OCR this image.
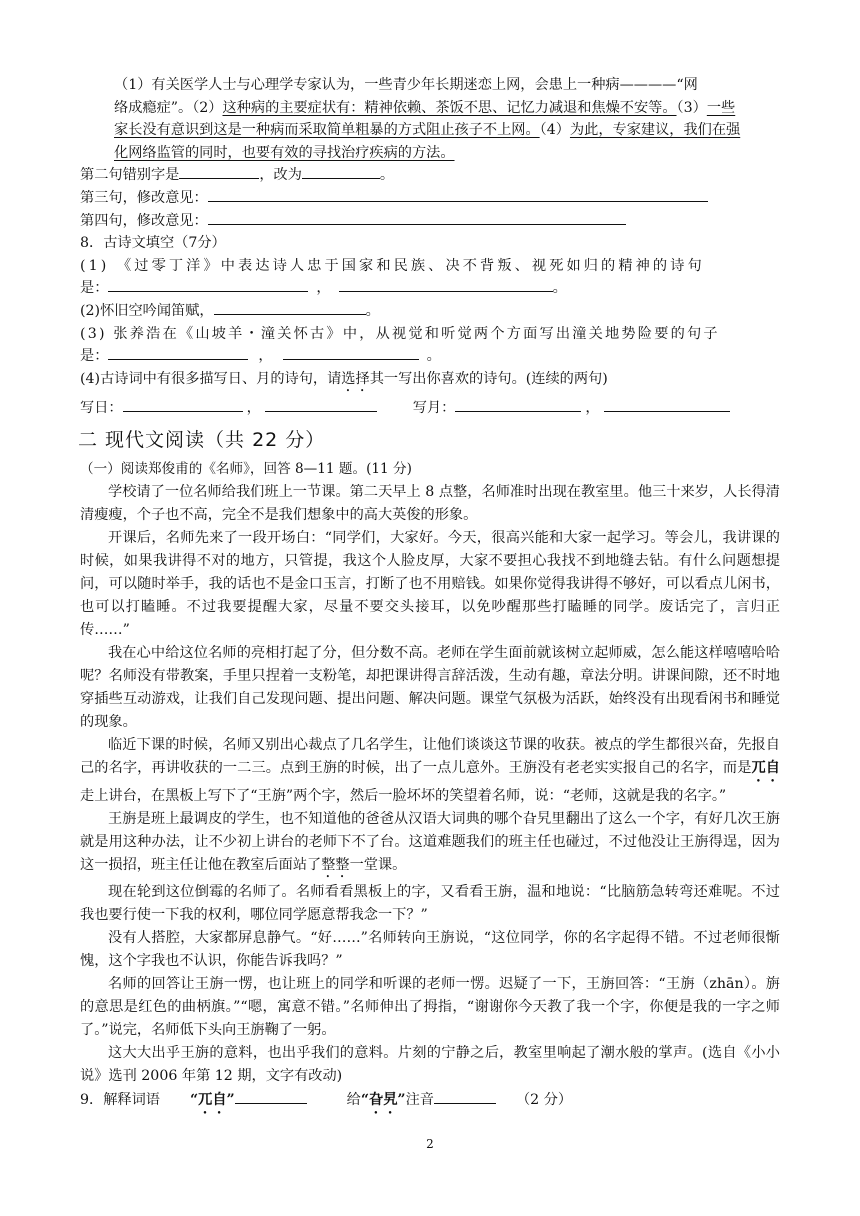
（1）有关医学人士与心理学专家认为，一些青少年长期迷恋上网，会患上一种病————“网
络成瘾症”。（2）这种病的主要症状有：精神依赖、茶饭不思、记忆力减退和焦燥不安等。（3）一些
家长没有意识到这是一种病而采取简单粗暴的方式阻止孩子不上网。（4）为此，专家建议，我们在强
化网络监管的同时，也要有效的寻找治疗疾病的方法。
第二句错别字是	，改为	。
第三句，修改意见：
第四句，修改意见：
8．古诗文填空（7分）
(1) 《过零丁洋》中表达诗人忠于国家和民族、决不背叛、视死如归的精神的诗句
是：	，	。
(2)怀旧空吟闻笛赋，	。
(3) 张养浩在《山坡羊・潼关怀古》中，从视觉和听觉两个方面写出潼关地势险要的句子
是：	，	。
(4)古诗词中有很多描写日、月的诗句，请选择其一写出你喜欢的诗句。(连续的两句)
写日：	，	写月：	，
二 现代文阅读（共 22 分）
（一）阅读郑俊甫的《名师》，回答 8—11 题。(11 分)
学校请了一位名师给我们班上一节课。第二天早上 8 点整，名师准时出现在教室里。他三十来岁，人长得清清瘦瘦，个子也不高，完全不是我们想象中的高大英俊的形象。
开课后，名师先来了一段开场白：“同学们，大家好。今天，很高兴能和大家一起学习。等会儿，我讲课的时候，如果我讲得不对的地方，只管提，我这个人脸皮厚，大家不要担心我找不到地缝去钻。有什么问题想提问，可以随时举手，我的话也不是金口玉言，打断了也不用赔钱。如果你觉得我讲得不够好，可以看点儿闲书，也可以打瞌睡。不过我要提醒大家，尽量不要交头接耳，以免吵醒那些打瞌睡的同学。废话完了，言归正传……”
我在心中给这位名师的亮相打起了分，但分数不高。老师在学生面前就该树立起师威，怎么能这样嘻嘻哈哈呢？名师没有带教案，手里只捏着一支粉笔，却把课讲得言辞活泼，生动有趣，章法分明。讲课间隙，还不时地穿插些互动游戏，让我们自己发现问题、提出问题、解决问题。课堂气氛极为活跃，始终没有出现看闲书和睡觉的现象。
临近下课的时候，名师又别出心裁点了几名学生，让他们谈谈这节课的收获。被点的学生都很兴奋，先报自己的名字，再讲收获的一二三。点到王旃的时候，出了一点儿意外。王旃没有老老实实报自己的名字，而是兀自走上讲台，在黑板上写下了“王旃”两个字，然后一脸坏坏的笑望着名师，说：“老师，这就是我的名字。”
王旃是班上最调皮的学生，也不知道他的爸爸从汉语大词典的哪个旮旯里翻出了这么一个字，有好几次王旃就是用这种办法，让不少初上讲台的老师下不了台。这道难题我们的班主任也碰过，不过他没让王旃得逞，因为这一损招，班主任让他在教室后面站了整整一堂课。
现在轮到这位倒霉的名师了。名师看看黑板上的字，又看看王旃，温和地说：“比脑筋急转弯还难呢。不过我也要行使一下我的权利，哪位同学愿意帮我念一下？”
没有人搭腔，大家都屏息静气。“好……”名师转向王旃说，“这位同学，你的名字起得不错。不过老师很惭愧，这个字我也不认识，你能告诉我吗？”
名师的回答让王旃一愣，也让班上的同学和听课的老师一愣。迟疑了一下，王旃回答：“王旃（zhān）。旃的意思是红色的曲柄旗。”“嗯，寓意不错。”名师伸出了拇指，“谢谢你今天教了我一个字，你便是我的一字之师了。”说完，名师低下头向王旃鞠了一躬。
这大大出乎王旃的意料，也出乎我们的意料。片刻的宁静之后，教室里响起了潮水般的掌声。(选自《小小说》选刊 2006 年第 12 期，文字有改动)
9．解释词语 “兀自”	给“旮旯”注音	（2 分）
2
